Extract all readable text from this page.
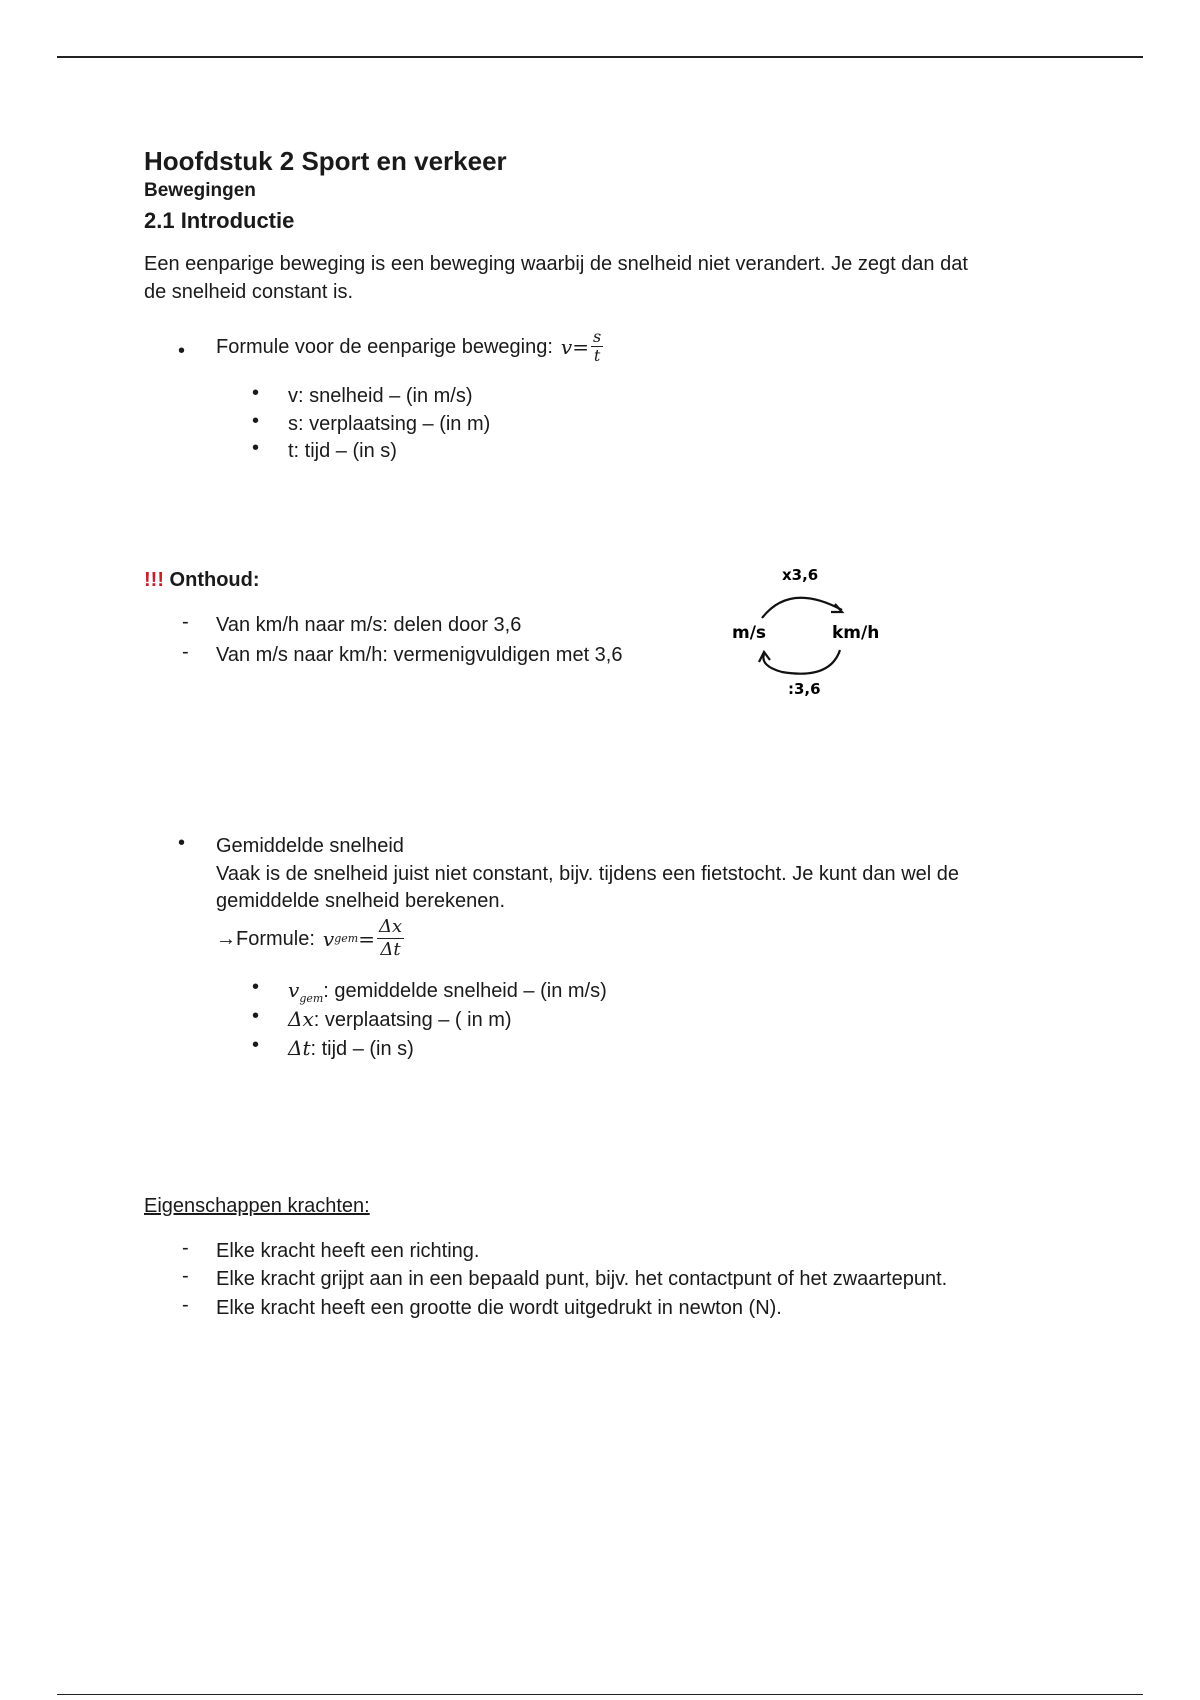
Hoofdstuk 2 Sport en verkeer
Bewegingen
2.1 Introductie
Een eenparige beweging is een beweging waarbij de snelheid niet verandert. Je zegt dan dat
de snelheid constant is.
• Formule voor de eenparige beweging: $v = \frac{s}{t}$
• v: snelheid – (in m/s)
• s: verplaatsing – (in m)
• t: tijd – (in s)
!!! Onthoud:
- Van km/h naar m/s: delen door 3,6
- Van m/s naar km/h: vermenigvuldigen met 3,6
x3,6
m/s	km/h
:3,6
• Gemiddelde snelheid
Vaak is de snelheid juist niet constant, bijv. tijdens een fietstocht. Je kunt dan wel de
gemiddelde snelheid berekenen.
→Formule: v gem = $\frac{\Delta x}{\Delta t}$
• $v_{gem}$: gemiddelde snelheid – (in m/s)
• Δx: verplaatsing – ( in m)
• Δt: tijd – (in s)
Eigenschappen krachten:
- Elke kracht heeft een richting.
- Elke kracht grijpt aan in een bepaald punt, bijv. het contactpunt of het zwaartepunt.
- Elke kracht heeft een grootte die wordt uitgedrukt in newton (N).
